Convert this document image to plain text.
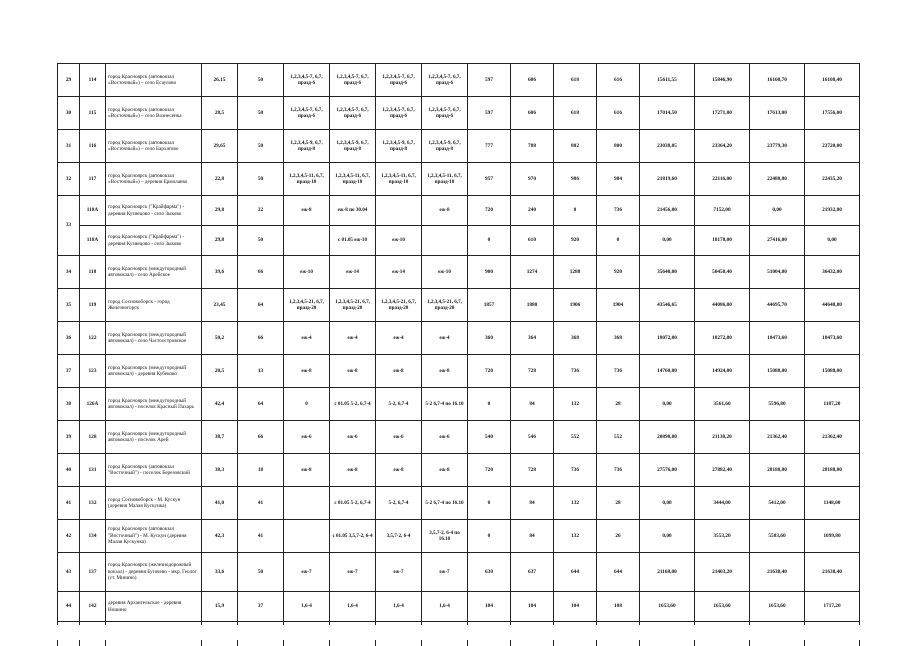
29	114	город Красноярск (автовокзал «Восточный») – село Есаулово	26,15	50	1,2,3,4,5-7, 6,7, празд-6	1,2,3,4,5-7, 6,7, празд-6	1,2,3,4,5-7, 6,7, празд-6	1,2,3,4,5-7, 6,7, празд-6	597	606	618	616	15611,55	15846,90	16160,70	16108,40
30	115	город Красноярск (автовокзал «Восточный») – село Вознесенка	28,5	50	1,2,3,4,5-7, 6,7, празд-6	1,2,3,4,5-7, 6,7, празд-6	1,2,3,4,5-7, 6,7, празд-6	1,2,3,4,5-7, 6,7, празд-6	597	606	618	616	17014,50	17271,00	17613,00	17556,00
31	116	город Красноярск (автовокзал «Восточный») – село Бархатово	29,65	50	1,2,3,4,5-9, 6,7, празд-8	1,2,3,4,5-9, 6,7, празд-8	1,2,3,4,5-9, 6,7, празд-8	1,2,3,4,5-9, 6,7, празд-8	777	788	802	800	23038,05	23364,20	23779,30	23720,00
32	117	город Красноярск (автовокзал «Восточный») – деревня Ермолаево	22,8	50	1,2,3,4,5-11, 6,7, празд-10	1,2,3,4,5-11, 6,7, празд-10	1,2,3,4,5-11, 6,7, празд-10	1,2,3,4,5-11, 6,7, празд-10	957	970	986	984	21819,60	22116,00	22480,80	22435,20
33	118А	город Красноярск ("Крайфарма") - деревня Кузнецово - село Зыково	29,8	22	еж-8	еж-8 по 30.04		еж-8	720	240	0	736	21456,00	7152,00	0,00	21932,80
	118А	город Красноярск ("Крайфарма") - деревня Кузнецово - село Зыково	29,8	50		с 01.05 еж-10	еж-10		0	610	920	0	0,00	18178,00	27416,00	0,00
34	118	город Красноярск (междугородный автовокзал) - село Арейское	39,6	66	еж-10	еж-14	еж-14	еж-10	900	1274	1288	920	35640,00	50450,40	51004,80	36432,00
35	119	город Сосновоборск - город Железногорск	23,45	64	1,2,3,4,5-21, 6,7, празд-20	1,2,3,4,5-21, 6,7, празд-20	1,2,3,4,5-21, 6,7, празд-20	1,2,3,4,5-21, 6,7, празд-20	1857	1880	1906	1904	43546,65	44086,00	44695,70	44648,80
36	122	город Красноярск (междугородный автовокзал) - село Частоостровское	50,2	66	еж-4	еж-4	еж-4	еж-4	360	364	368	368	18072,00	18272,80	18473,60	18473,60
37	123	город Красноярск (междугородный автовокзал) - деревня Кубеково	20,5	13	еж-8	еж-8	еж-8	еж-8	720	728	736	736	14760,00	14924,00	15088,00	15088,00
38	126А	город Красноярск (междугородный автовокзал) - поселок Красный Пахарь	42,4	64	0	с 01.05 5-2, 6,7-4	5-2, 6,7-4	5-2 6,7-4 по 16.10	0	84	132	28	0,00	3561,60	5596,80	1187,20
39	128	город Красноярск (междугородный автовокзал) - поселок Арей	38,7	66	еж-6	еж-6	еж-6	еж-6	540	546	552	552	20898,00	21130,20	21362,40	21362,40
40	131	город Красноярск (автовокзал "Восточный") - поселок Березовский	38,3	18	еж-8	еж-8	еж-8	еж-8	720	728	736	736	27576,00	27882,40	28188,80	28188,80
41	132	город Сосновоборск - М. Кускун (деревня Малая Кускунка)	41,0	41		с 01.05 5-2, 6,7-4	5-2, 6,7-4	5-2 6,7-4 по 16.10	0	84	132	28	0,00	3444,00	5412,00	1148,00
42	134	город Красноярск (автовокзал "Восточный") - М. Кускун (деревня Малая Кускунка)	42,3	41		с 01.05 3,5,7-2, 6-4	3,5,7-2, 6-4	3,5,7-2, 6-4 по 16.10	0	84	132	26	0,00	3553,20	5583,60	1099,80
43	137	город Красноярск (железнодорожный вокзал) - деревня Бугачево - мкр. Геолог (ст. Минино)	33,6	50	еж-7	еж-7	еж-7	еж-7	630	637	644	644	21168,00	21403,20	21638,40	21638,40
44	142	деревня Архангельское - деревня Ношино	15,9	37	1,6-4	1,6-4	1,6-4	1,6-4	104	104	104	108	1653,60	1653,60	1653,60	1717,20
